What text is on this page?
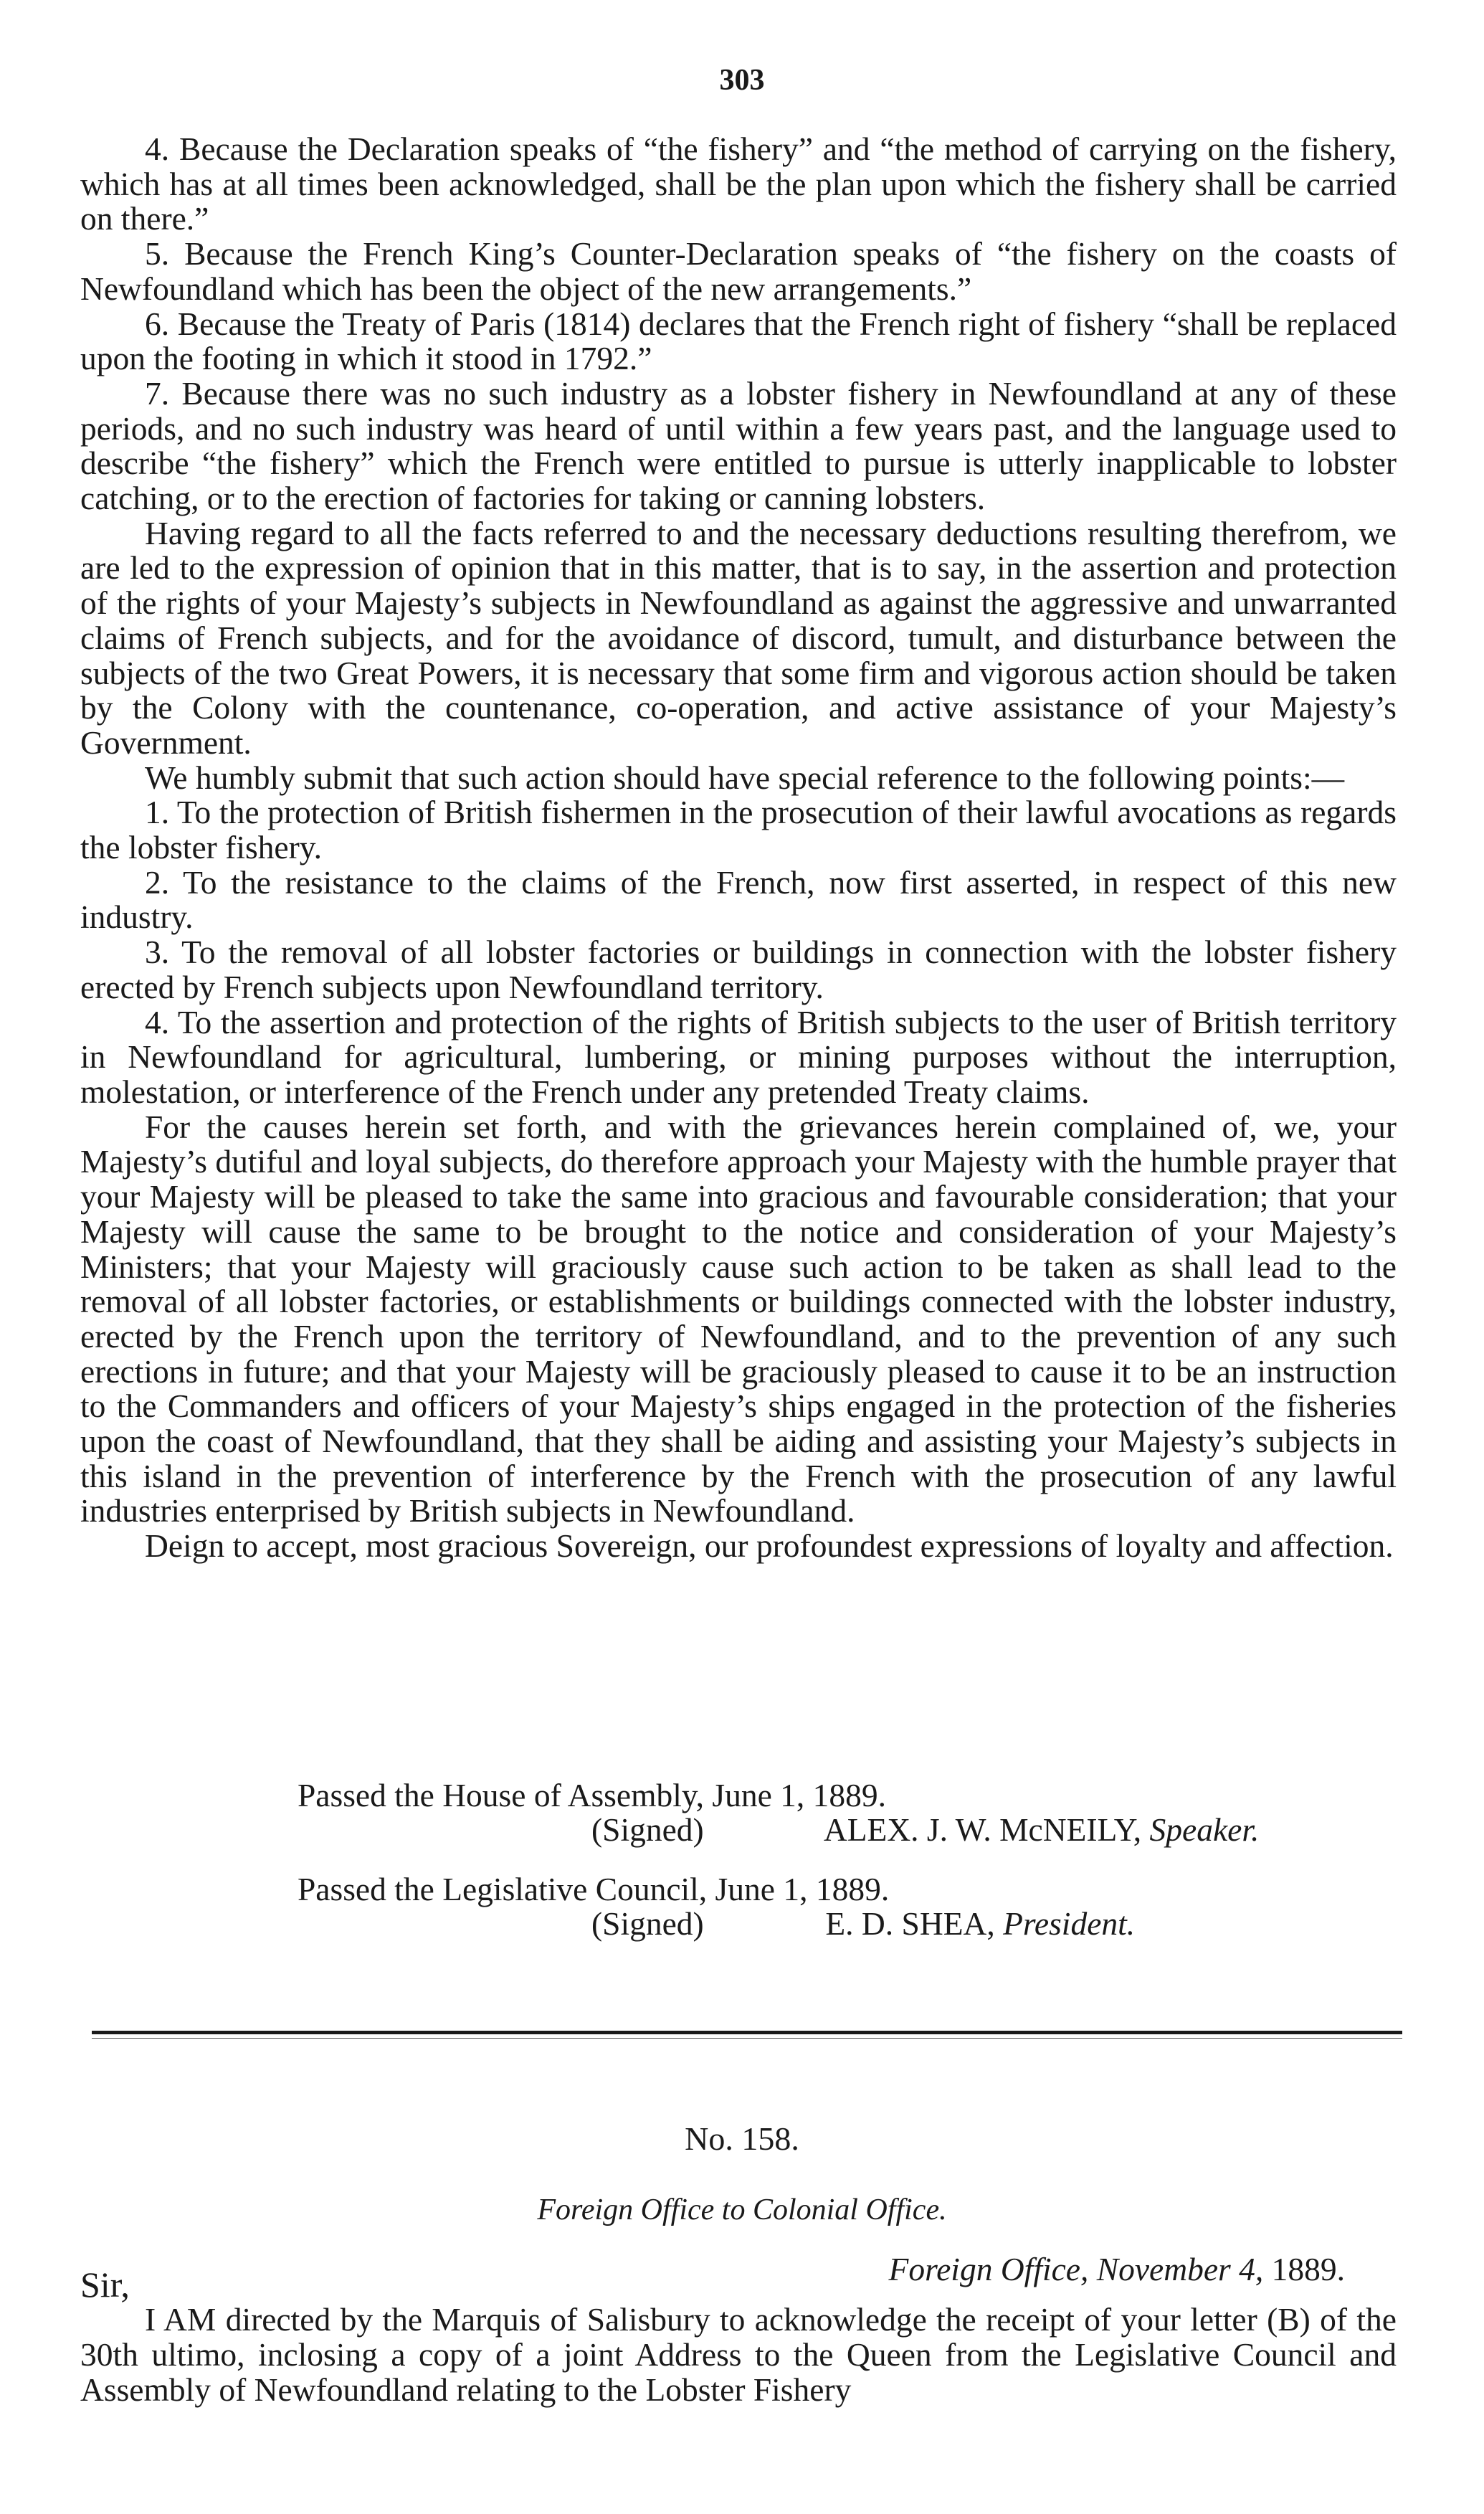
303

4. Because the Declaration speaks of “the fishery” and “the method of carrying on the fishery, which has at all times been acknowledged, shall be the plan upon which the fishery shall be carried on there.”

5. Because the French King’s Counter-Declaration speaks of “the fishery on the coasts of Newfoundland which has been the object of the new arrangements.”

6. Because the Treaty of Paris (1814) declares that the French right of fishery “shall be replaced upon the footing in which it stood in 1792.”

7. Because there was no such industry as a lobster fishery in Newfoundland at any of these periods, and no such industry was heard of until within a few years past, and the language used to describe “the fishery” which the French were entitled to pursue is utterly inapplicable to lobster catching, or to the erection of factories for taking or canning lobsters.

Having regard to all the facts referred to and the necessary deductions resulting therefrom, we are led to the expression of opinion that in this matter, that is to say, in the assertion and protection of the rights of your Majesty’s subjects in Newfoundland as against the aggressive and unwarranted claims of French subjects, and for the avoidance of discord, tumult, and disturbance between the subjects of the two Great Powers, it is necessary that some firm and vigorous action should be taken by the Colony with the countenance, co-operation, and active assistance of your Majesty’s Government.

We humbly submit that such action should have special reference to the following points:—

1. To the protection of British fishermen in the prosecution of their lawful avocations as regards the lobster fishery.

2. To the resistance to the claims of the French, now first asserted, in respect of this new industry.

3. To the removal of all lobster factories or buildings in connection with the lobster fishery erected by French subjects upon Newfoundland territory.

4. To the assertion and protection of the rights of British subjects to the user of British territory in Newfoundland for agricultural, lumbering, or mining purposes without the interruption, molestation, or interference of the French under any pretended Treaty claims.

For the causes herein set forth, and with the grievances herein complained of, we, your Majesty’s dutiful and loyal subjects, do therefore approach your Majesty with the humble prayer that your Majesty will be pleased to take the same into gracious and favourable consideration; that your Majesty will cause the same to be brought to the notice and consideration of your Majesty’s Ministers; that your Majesty will graciously cause such action to be taken as shall lead to the removal of all lobster factories, or establishments or buildings connected with the lobster industry, erected by the French upon the territory of Newfoundland, and to the prevention of any such erections in future; and that your Majesty will be graciously pleased to cause it to be an instruction to the Commanders and officers of your Majesty’s ships engaged in the protection of the fisheries upon the coast of Newfoundland, that they shall be aiding and assisting your Majesty’s subjects in this island in the prevention of interference by the French with the prosecution of any lawful industries enterprised by British subjects in Newfoundland.

Deign to accept, most gracious Sovereign, our profoundest expressions of loyalty and affection.

Passed the House of Assembly, June 1, 1889.
(Signed)	ALEX. J. W. McNEILY, Speaker.
Passed the Legislative Council, June 1, 1889.
(Signed)	E. D. SHEA, President.
No. 158.
Foreign Office to Colonial Office.
Sir,	Foreign Office, November 4, 1889.

I AM directed by the Marquis of Salisbury to acknowledge the receipt of your letter (B) of the 30th ultimo, inclosing a copy of a joint Address to the Queen from the Legislative Council and Assembly of Newfoundland relating to the Lobster Fishery
